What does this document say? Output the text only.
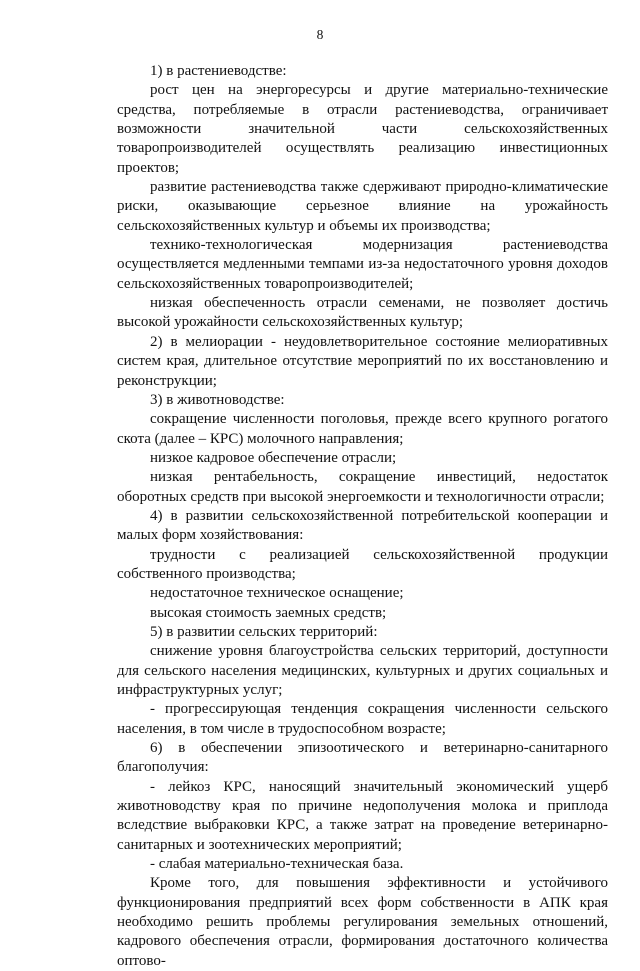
8

1) в растениеводстве:

рост цен на энергоресурсы и другие материально-технические средства, потребляемые в отрасли растениеводства, ограничивает возможности значительной части сельскохозяйственных товаропроизводителей осуществлять реализацию инвестиционных проектов;

развитие растениеводства также сдерживают природно-климатические риски, оказывающие серьезное влияние на урожайность сельскохозяйственных культур и объемы их производства;

технико-технологическая модернизация растениеводства осуществляется медленными темпами из-за недостаточного уровня доходов сельскохозяйственных товаропроизводителей;

низкая обеспеченность отрасли семенами, не позволяет достичь высокой урожайности сельскохозяйственных культур;

2) в мелиорации - неудовлетворительное состояние мелиоративных систем края, длительное отсутствие мероприятий по их восстановлению и реконструкции;

3) в животноводстве:

сокращение численности поголовья, прежде всего крупного рогатого скота (далее – КРС) молочного направления;

низкое кадровое обеспечение отрасли;

низкая рентабельность, сокращение инвестиций, недостаток оборотных средств при высокой энергоемкости и технологичности отрасли;

4) в развитии сельскохозяйственной потребительской кооперации и малых форм хозяйствования:

трудности с реализацией сельскохозяйственной продукции собственного производства;

недостаточное техническое оснащение;

высокая стоимость заемных средств;

5) в развитии сельских территорий:

снижение уровня благоустройства сельских территорий, доступности для сельского населения медицинских, культурных и других социальных и инфраструктурных услуг;

- прогрессирующая тенденция сокращения численности сельского населения, в том числе в трудоспособном возрасте;

6) в обеспечении эпизоотического и ветеринарно-санитарного благополучия:

- лейкоз КРС, наносящий значительный экономический ущерб животноводству края по причине недополучения молока и приплода вследствие выбраковки КРС, а также затрат на проведение ветеринарно-санитарных и зоотехнических мероприятий;

- слабая материально-техническая база.

Кроме того, для повышения эффективности и устойчивого функционирования предприятий всех форм собственности в АПК края необходимо решить проблемы регулирования земельных отношений, кадрового обеспечения отрасли, формирования достаточного количества оптово-
